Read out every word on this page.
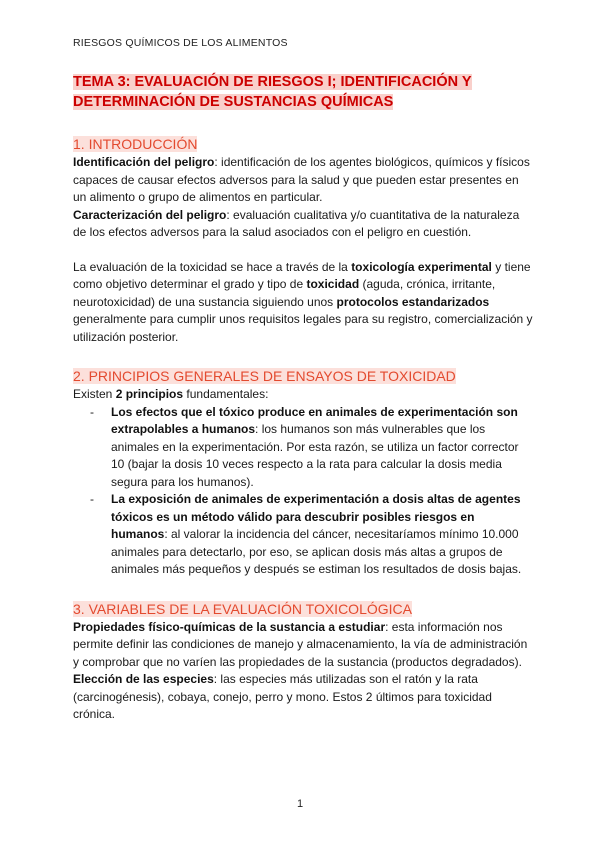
RIESGOS QUÍMICOS DE LOS ALIMENTOS
TEMA 3: EVALUACIÓN DE RIESGOS I; IDENTIFICACIÓN Y DETERMINACIÓN DE SUSTANCIAS QUÍMICAS
1. INTRODUCCIÓN

Identificación del peligro: identificación de los agentes biológicos, químicos y físicos capaces de causar efectos adversos para la salud y que pueden estar presentes en un alimento o grupo de alimentos en particular.

Caracterización del peligro: evaluación cualitativa y/o cuantitativa de la naturaleza de los efectos adversos para la salud asociados con el peligro en cuestión.

La evaluación de la toxicidad se hace a través de la toxicología experimental y tiene como objetivo determinar el grado y tipo de toxicidad (aguda, crónica, irritante, neurotoxicidad) de una sustancia siguiendo unos protocolos estandarizados generalmente para cumplir unos requisitos legales para su registro, comercialización y utilización posterior.

2. PRINCIPIOS GENERALES DE ENSAYOS DE TOXICIDAD

Existen 2 principios fundamentales:

- Los efectos que el tóxico produce en animales de experimentación son extrapolables a humanos: los humanos son más vulnerables que los animales en la experimentación. Por esta razón, se utiliza un factor corrector 10 (bajar la dosis 10 veces respecto a la rata para calcular la dosis media segura para los humanos).
- La exposición de animales de experimentación a dosis altas de agentes tóxicos es un método válido para descubrir posibles riesgos en humanos: al valorar la incidencia del cáncer, necesitaríamos mínimo 10.000 animales para detectarlo, por eso, se aplican dosis más altas a grupos de animales más pequeños y después se estiman los resultados de dosis bajas.
3. VARIABLES DE LA EVALUACIÓN TOXICOLÓGICA

Propiedades físico-químicas de la sustancia a estudiar: esta información nos permite definir las condiciones de manejo y almacenamiento, la vía de administración y comprobar que no varíen las propiedades de la sustancia (productos degradados).

Elección de las especies: las especies más utilizadas son el ratón y la rata (carcinogénesis), cobaya, conejo, perro y mono. Estos 2 últimos para toxicidad crónica.

1
